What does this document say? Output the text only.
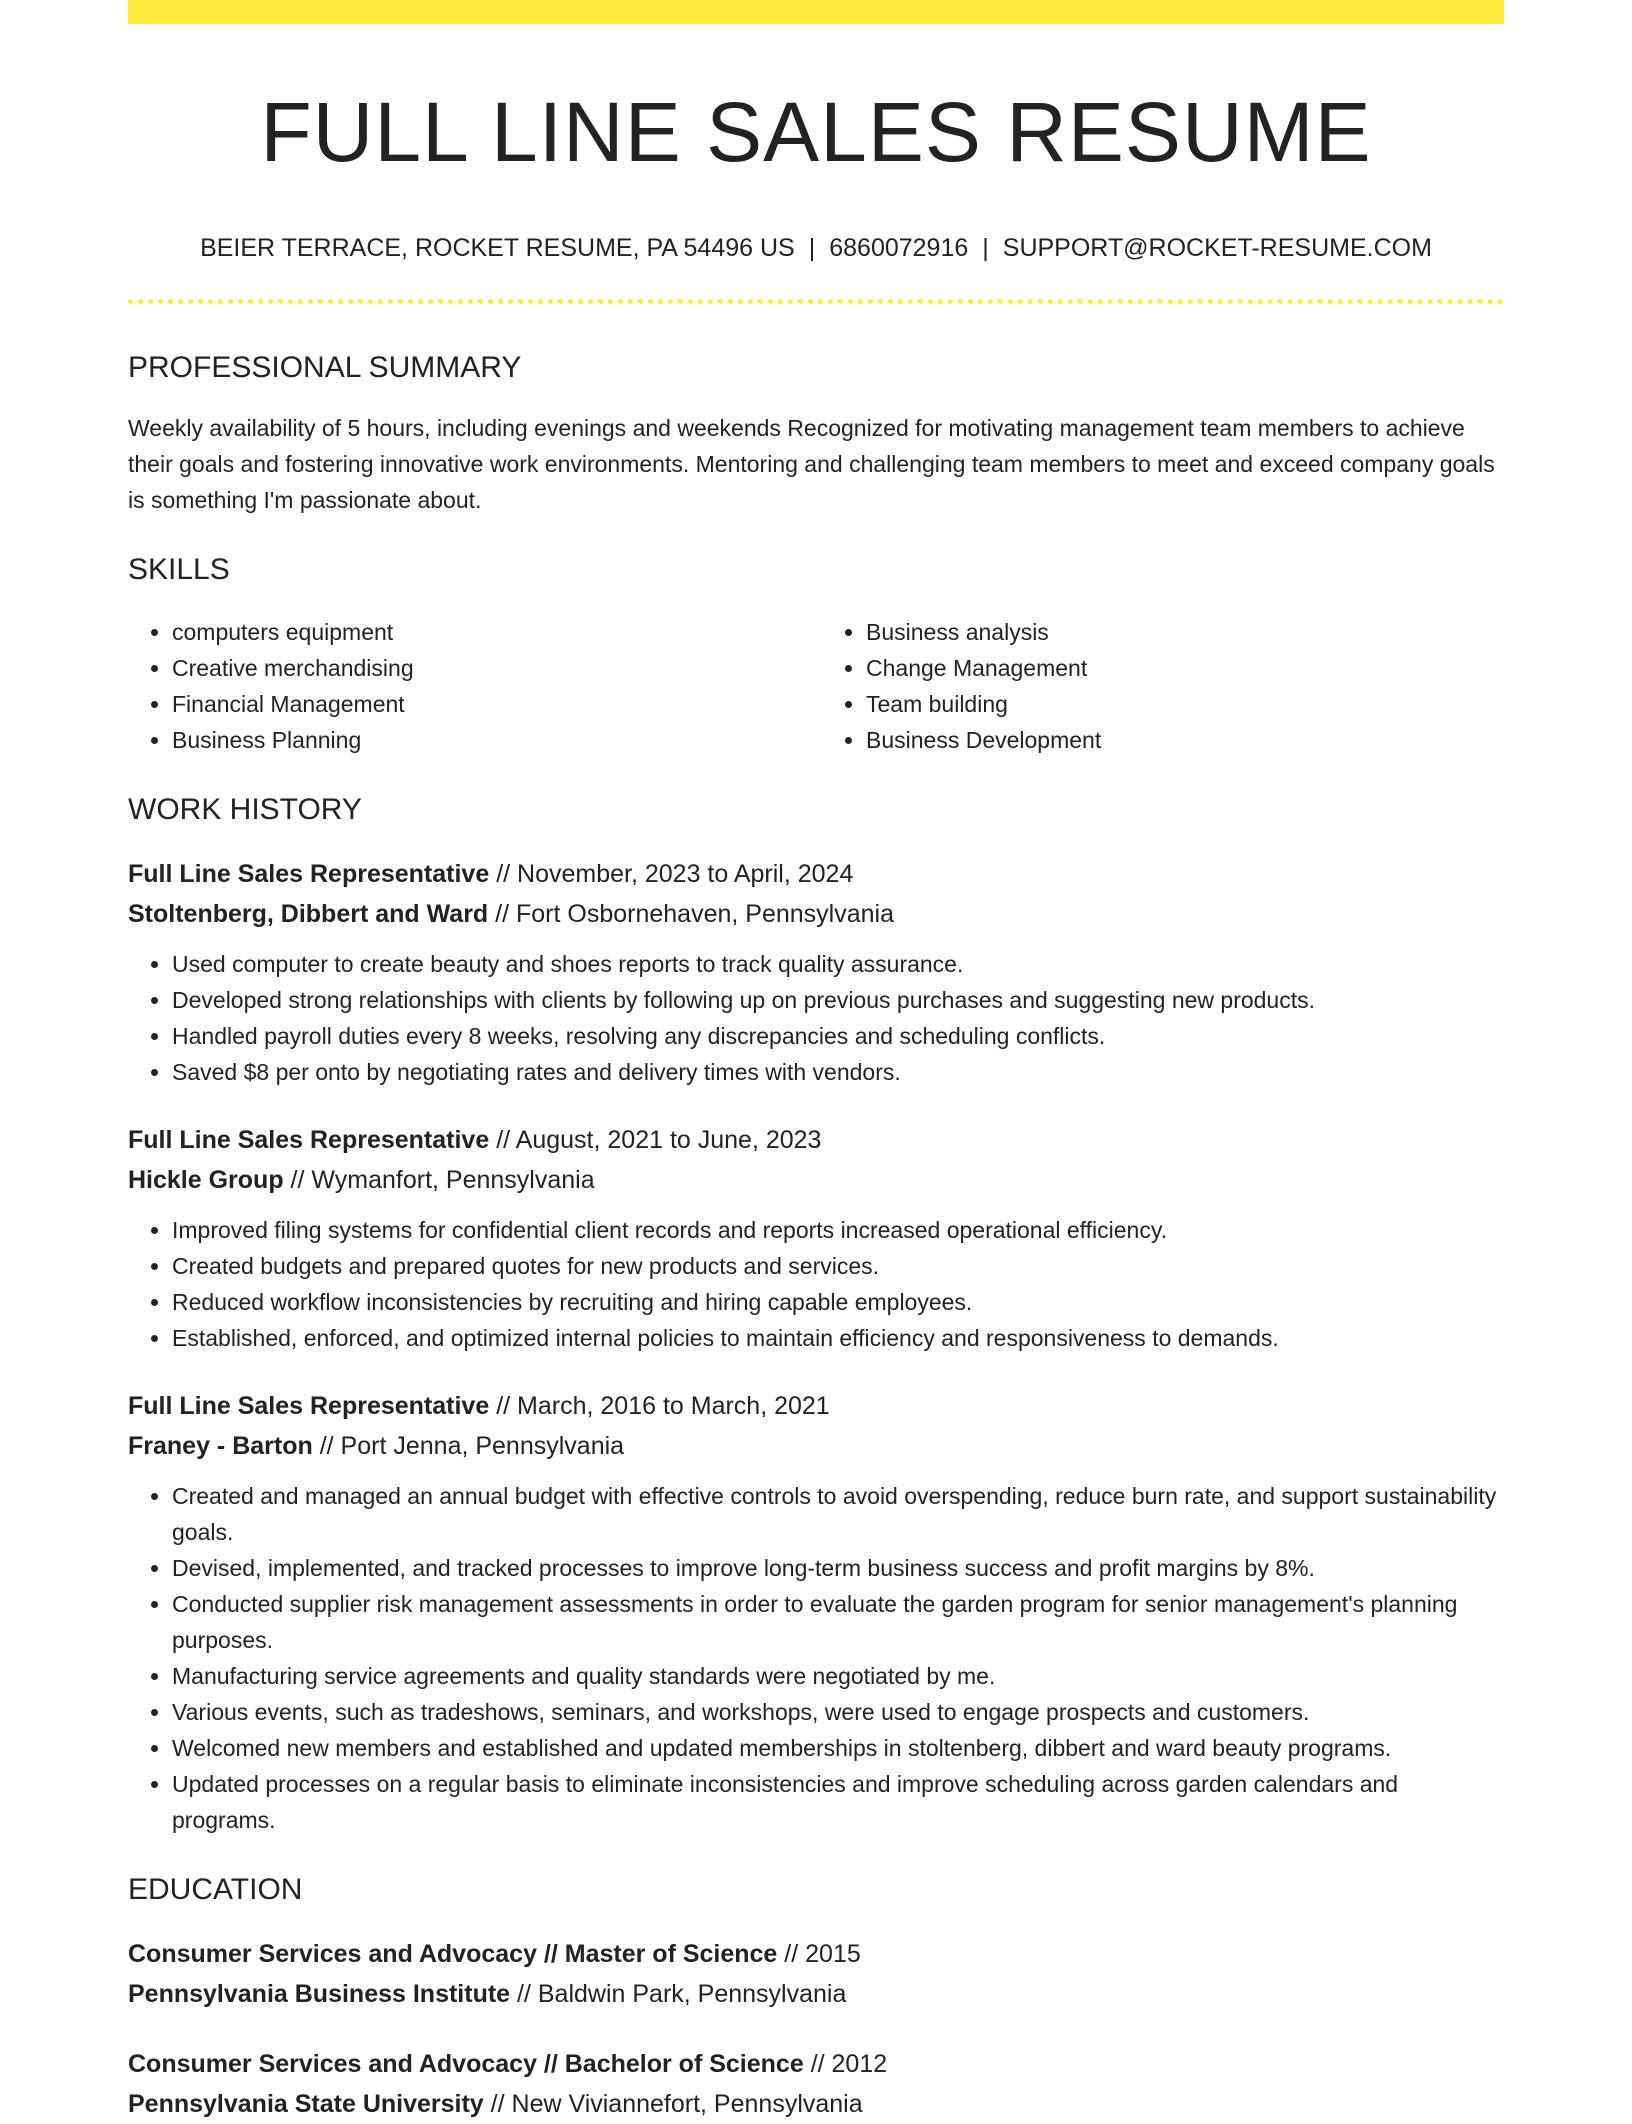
FULL LINE SALES RESUME
BEIER TERRACE, ROCKET RESUME, PA 54496 US | 6860072916 | SUPPORT@ROCKET-RESUME.COM
PROFESSIONAL SUMMARY

Weekly availability of 5 hours, including evenings and weekends Recognized for motivating management team members to achieve their goals and fostering innovative work environments. Mentoring and challenging team members to meet and exceed company goals is something I'm passionate about.

SKILLS
• computers equipment
• Creative merchandising
• Financial Management
• Business Planning
• Business analysis
• Change Management
• Team building
• Business Development
WORK HISTORY

Full Line Sales Representative // November, 2023 to April, 2024

Stoltenberg, Dibbert and Ward // Fort Osbornehaven, Pennsylvania

• Used computer to create beauty and shoes reports to track quality assurance.
• Developed strong relationships with clients by following up on previous purchases and suggesting new products.
• Handled payroll duties every 8 weeks, resolving any discrepancies and scheduling conflicts.
• Saved $8 per onto by negotiating rates and delivery times with vendors.

Full Line Sales Representative // August, 2021 to June, 2023

Hickle Group // Wymanfort, Pennsylvania

• Improved filing systems for confidential client records and reports increased operational efficiency.
• Created budgets and prepared quotes for new products and services.
• Reduced workflow inconsistencies by recruiting and hiring capable employees.
• Established, enforced, and optimized internal policies to maintain efficiency and responsiveness to demands.

Full Line Sales Representative // March, 2016 to March, 2021

Franey - Barton // Port Jenna, Pennsylvania

• Created and managed an annual budget with effective controls to avoid overspending, reduce burn rate, and support sustainability goals.
• Devised, implemented, and tracked processes to improve long-term business success and profit margins by 8%.
• Conducted supplier risk management assessments in order to evaluate the garden program for senior management's planning purposes.
• Manufacturing service agreements and quality standards were negotiated by me.
• Various events, such as tradeshows, seminars, and workshops, were used to engage prospects and customers.
• Welcomed new members and established and updated memberships in stoltenberg, dibbert and ward beauty programs.
• Updated processes on a regular basis to eliminate inconsistencies and improve scheduling across garden calendars and programs.
EDUCATION

Consumer Services and Advocacy // Master of Science // 2015

Pennsylvania Business Institute // Baldwin Park, Pennsylvania

Consumer Services and Advocacy // Bachelor of Science // 2012

Pennsylvania State University // New Viviannefort, Pennsylvania
